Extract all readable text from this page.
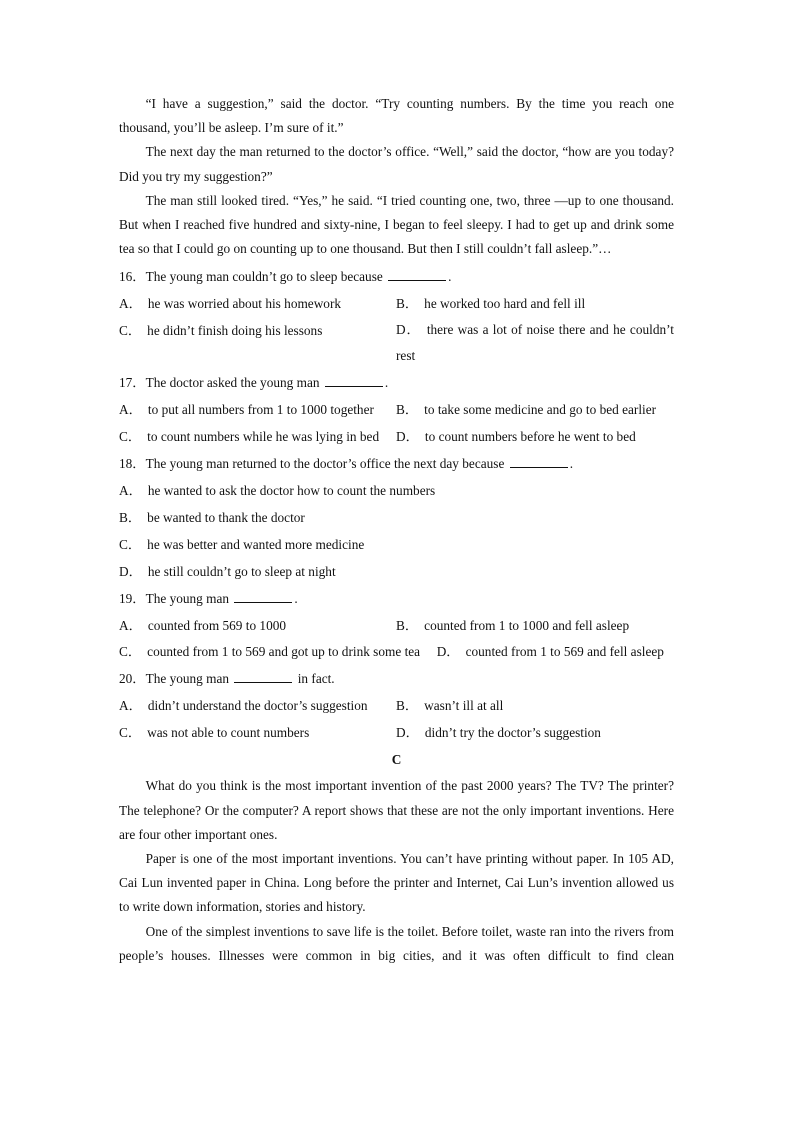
“I have a suggestion,” said the doctor. “Try counting numbers. By the time you reach one thousand, you’ll be asleep. I’m sure of it.”

The next day the man returned to the doctor’s office. “Well,” said the doctor, “how are you today? Did you try my suggestion?”

The man still looked tired. “Yes,” he said. “I tried counting one, two, three —up to one thousand. But when I reached five hundred and sixty-nine, I began to feel sleepy. I had to get up and drink some tea so that I could go on counting up to one thousand. But then I still couldn’t fall asleep.”…

16．The young man couldn’t go to sleep because	.

A． he was worried about his homework	B． he worked too hard and fell ill
C． he didn’t finish doing his lessons	D． there was a lot of noise there and he couldn’t rest

17．The doctor asked the young man	.

A． to put all numbers from 1 to 1000 together	B． to take some medicine and go to bed earlier
C． to count numbers while he was lying in bed	D． to count numbers before he went to bed

18．The young man returned to the doctor’s office the next day because	.

A． he wanted to ask the doctor how to count the numbers

B． be wanted to thank the doctor

C． he was better and wanted more medicine

D． he still couldn’t go to sleep at night

19．The young man	.

A． counted from 569 to 1000	B． counted from 1 to 1000 and fell asleep

C． counted from 1 to 569 and got up to drink some tea D． counted from 1 to 569 and fell asleep

20．The young man	in fact.

A． didn’t understand the doctor’s suggestion	B． wasn’t ill at all
C． was not able to count numbers	D． didn’t try the doctor’s suggestion

C

What do you think is the most important invention of the past 2000 years? The TV? The printer? The telephone? Or the computer? A report shows that these are not the only important inventions. Here are four other important ones.

Paper is one of the most important inventions. You can’t have printing without paper. In 105 AD, Cai Lun invented paper in China. Long before the printer and Internet, Cai Lun’s invention allowed us to write down information, stories and history.

One of the simplest inventions to save life is the toilet. Before toilet, waste ran into the rivers from people’s houses. Illnesses were common in big cities, and it was often difficult to find clean
